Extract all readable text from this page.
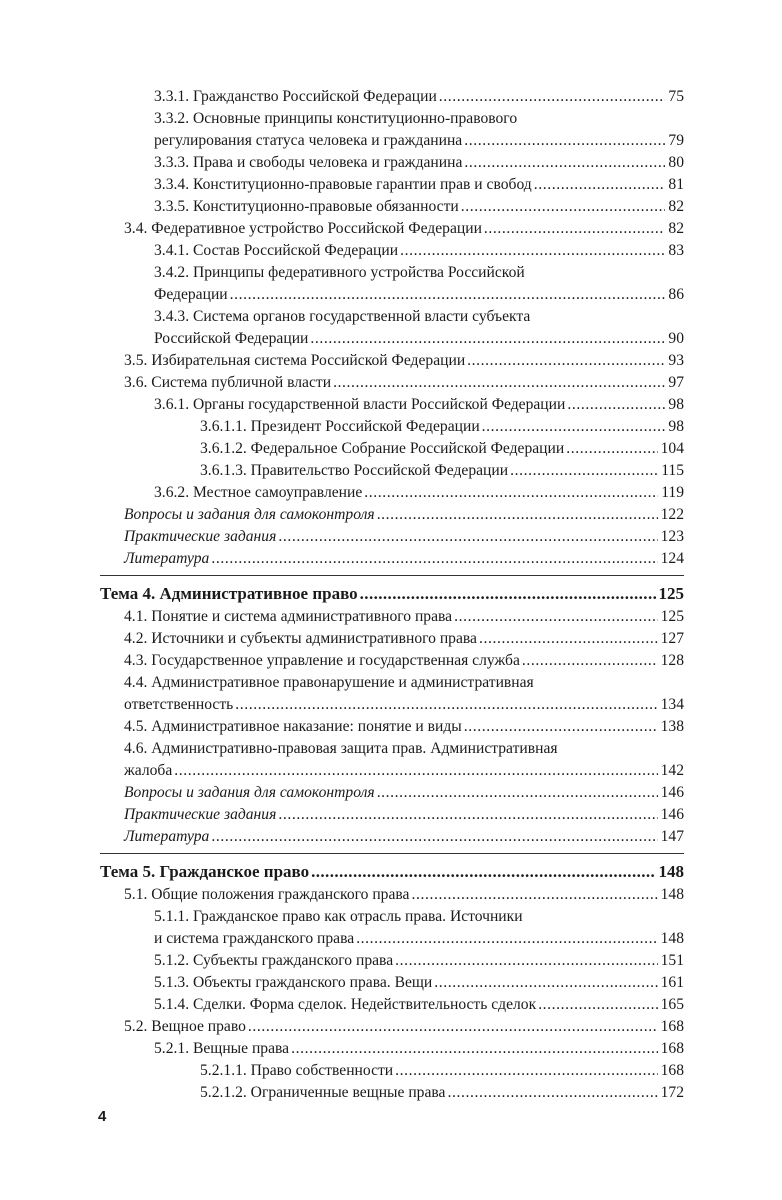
3.3.1. Гражданство Российской Федерации .....	75
3.3.2. Основные принципы конституционно-правового
регулирования статуса человека и гражданина .....	79
3.3.3. Права и свободы человека и гражданина .....	80
3.3.4. Конституционно-правовые гарантии прав и свобод .....	81
3.3.5. Конституционно-правовые обязанности .....	82
3.4. Федеративное устройство Российской Федерации .....	82
3.4.1. Состав Российской Федерации .....	83
3.4.2. Принципы федеративного устройства Российской
Федерации .....	86
3.4.3. Система органов государственной власти субъекта
Российской Федерации .....	90
3.5. Избирательная система Российской Федерации .....	93
3.6. Система публичной власти .....	97
3.6.1. Органы государственной власти Российской Федерации .....	98
3.6.1.1. Президент Российской Федерации .....	98
3.6.1.2. Федеральное Собрание Российской Федерации .....	104
3.6.1.3. Правительство Российской Федерации .....	115
3.6.2. Местное самоуправление .....	119
Вопросы и задания для самоконтроля .....	122
Практические задания .....	123
Литература .....	124
Тема 4. Административное право .....	125
4.1. Понятие и система административного права .....	125
4.2. Источники и субъекты административного права .....	127
4.3. Государственное управление и государственная служба .....	128
4.4. Административное правонарушение и административная
ответственность .....	134
4.5. Административное наказание: понятие и виды .....	138
4.6. Административно-правовая защита прав. Административная
жалоба .....	142
Вопросы и задания для самоконтроля .....	146
Практические задания .....	146
Литература .....	147
Тема 5. Гражданское право .....	148
5.1. Общие положения гражданского права .....	148
5.1.1. Гражданское право как отрасль права. Источники
и система гражданского права .....	148
5.1.2. Субъекты гражданского права .....	151
5.1.3. Объекты гражданского права. Вещи .....	161
5.1.4. Сделки. Форма сделок. Недействительность сделок .....	165
5.2. Вещное право .....	168
5.2.1. Вещные права .....	168
5.2.1.1. Право собственности .....	168
5.2.1.2. Ограниченные вещные права .....	172
4
